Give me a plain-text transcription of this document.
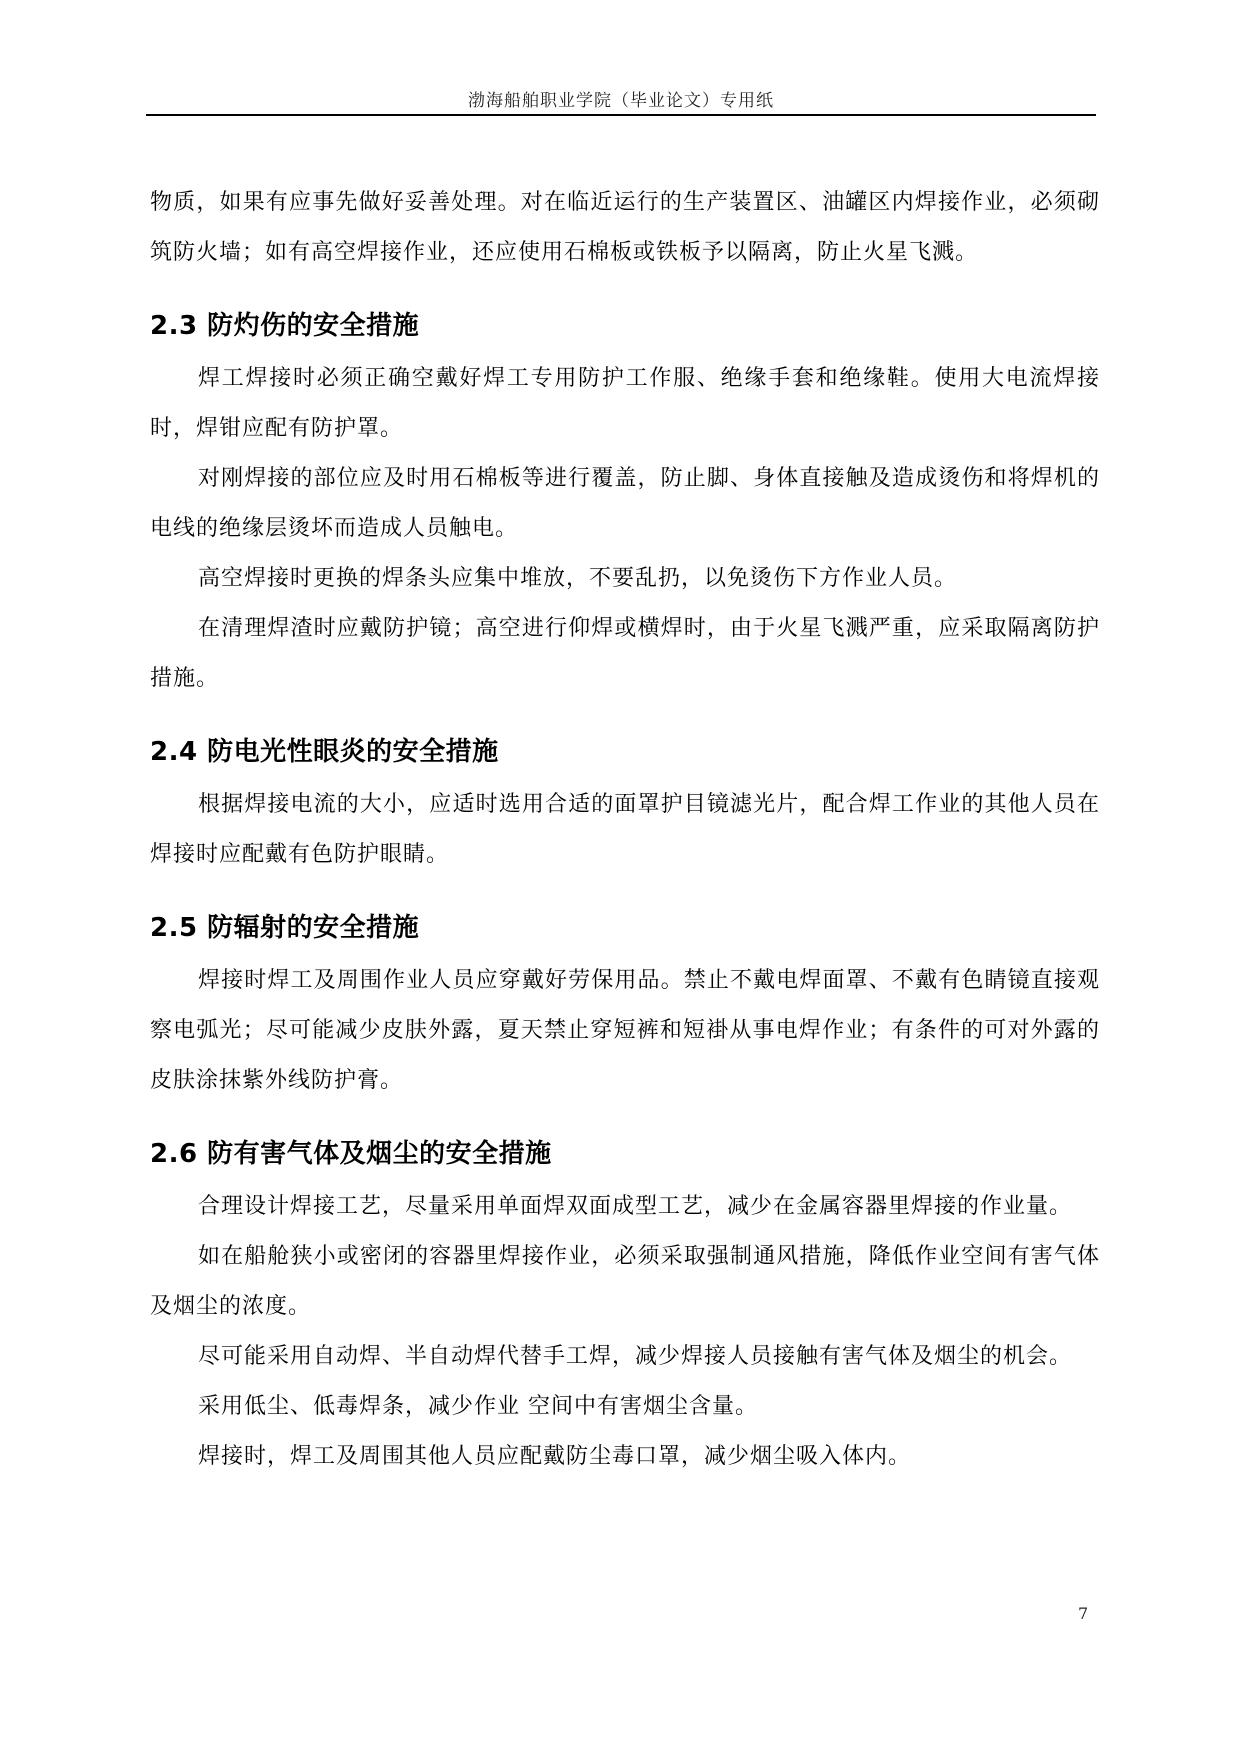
渤海船舶职业学院（毕业论文）专用纸

物质，如果有应事先做好妥善处理。对在临近运行的生产装置区、油罐区内焊接作业，必须砌筑防火墙；如有高空焊接作业，还应使用石棉板或铁板予以隔离，防止火星飞溅。

2.3 防灼伤的安全措施

焊工焊接时必须正确空戴好焊工专用防护工作服、绝缘手套和绝缘鞋。使用大电流焊接时，焊钳应配有防护罩。

对刚焊接的部位应及时用石棉板等进行覆盖，防止脚、身体直接触及造成烫伤和将焊机的电线的绝缘层烫坏而造成人员触电。

高空焊接时更换的焊条头应集中堆放，不要乱扔，以免烫伤下方作业人员。

在清理焊渣时应戴防护镜；高空进行仰焊或横焊时，由于火星飞溅严重，应采取隔离防护措施。

2.4 防电光性眼炎的安全措施

根据焊接电流的大小，应适时选用合适的面罩护目镜滤光片，配合焊工作业的其他人员在焊接时应配戴有色防护眼睛。

2.5 防辐射的安全措施

焊接时焊工及周围作业人员应穿戴好劳保用品。禁止不戴电焊面罩、不戴有色睛镜直接观察电弧光；尽可能减少皮肤外露，夏天禁止穿短裤和短褂从事电焊作业；有条件的可对外露的皮肤涂抹紫外线防护膏。

2.6 防有害气体及烟尘的安全措施

合理设计焊接工艺，尽量采用单面焊双面成型工艺，减少在金属容器里焊接的作业量。

如在船舱狭小或密闭的容器里焊接作业，必须采取强制通风措施，降低作业空间有害气体及烟尘的浓度。

尽可能采用自动焊、半自动焊代替手工焊，减少焊接人员接触有害气体及烟尘的机会。

采用低尘、低毒焊条，减少作业 空间中有害烟尘含量。

焊接时，焊工及周围其他人员应配戴防尘毒口罩，减少烟尘吸入体内。

7
